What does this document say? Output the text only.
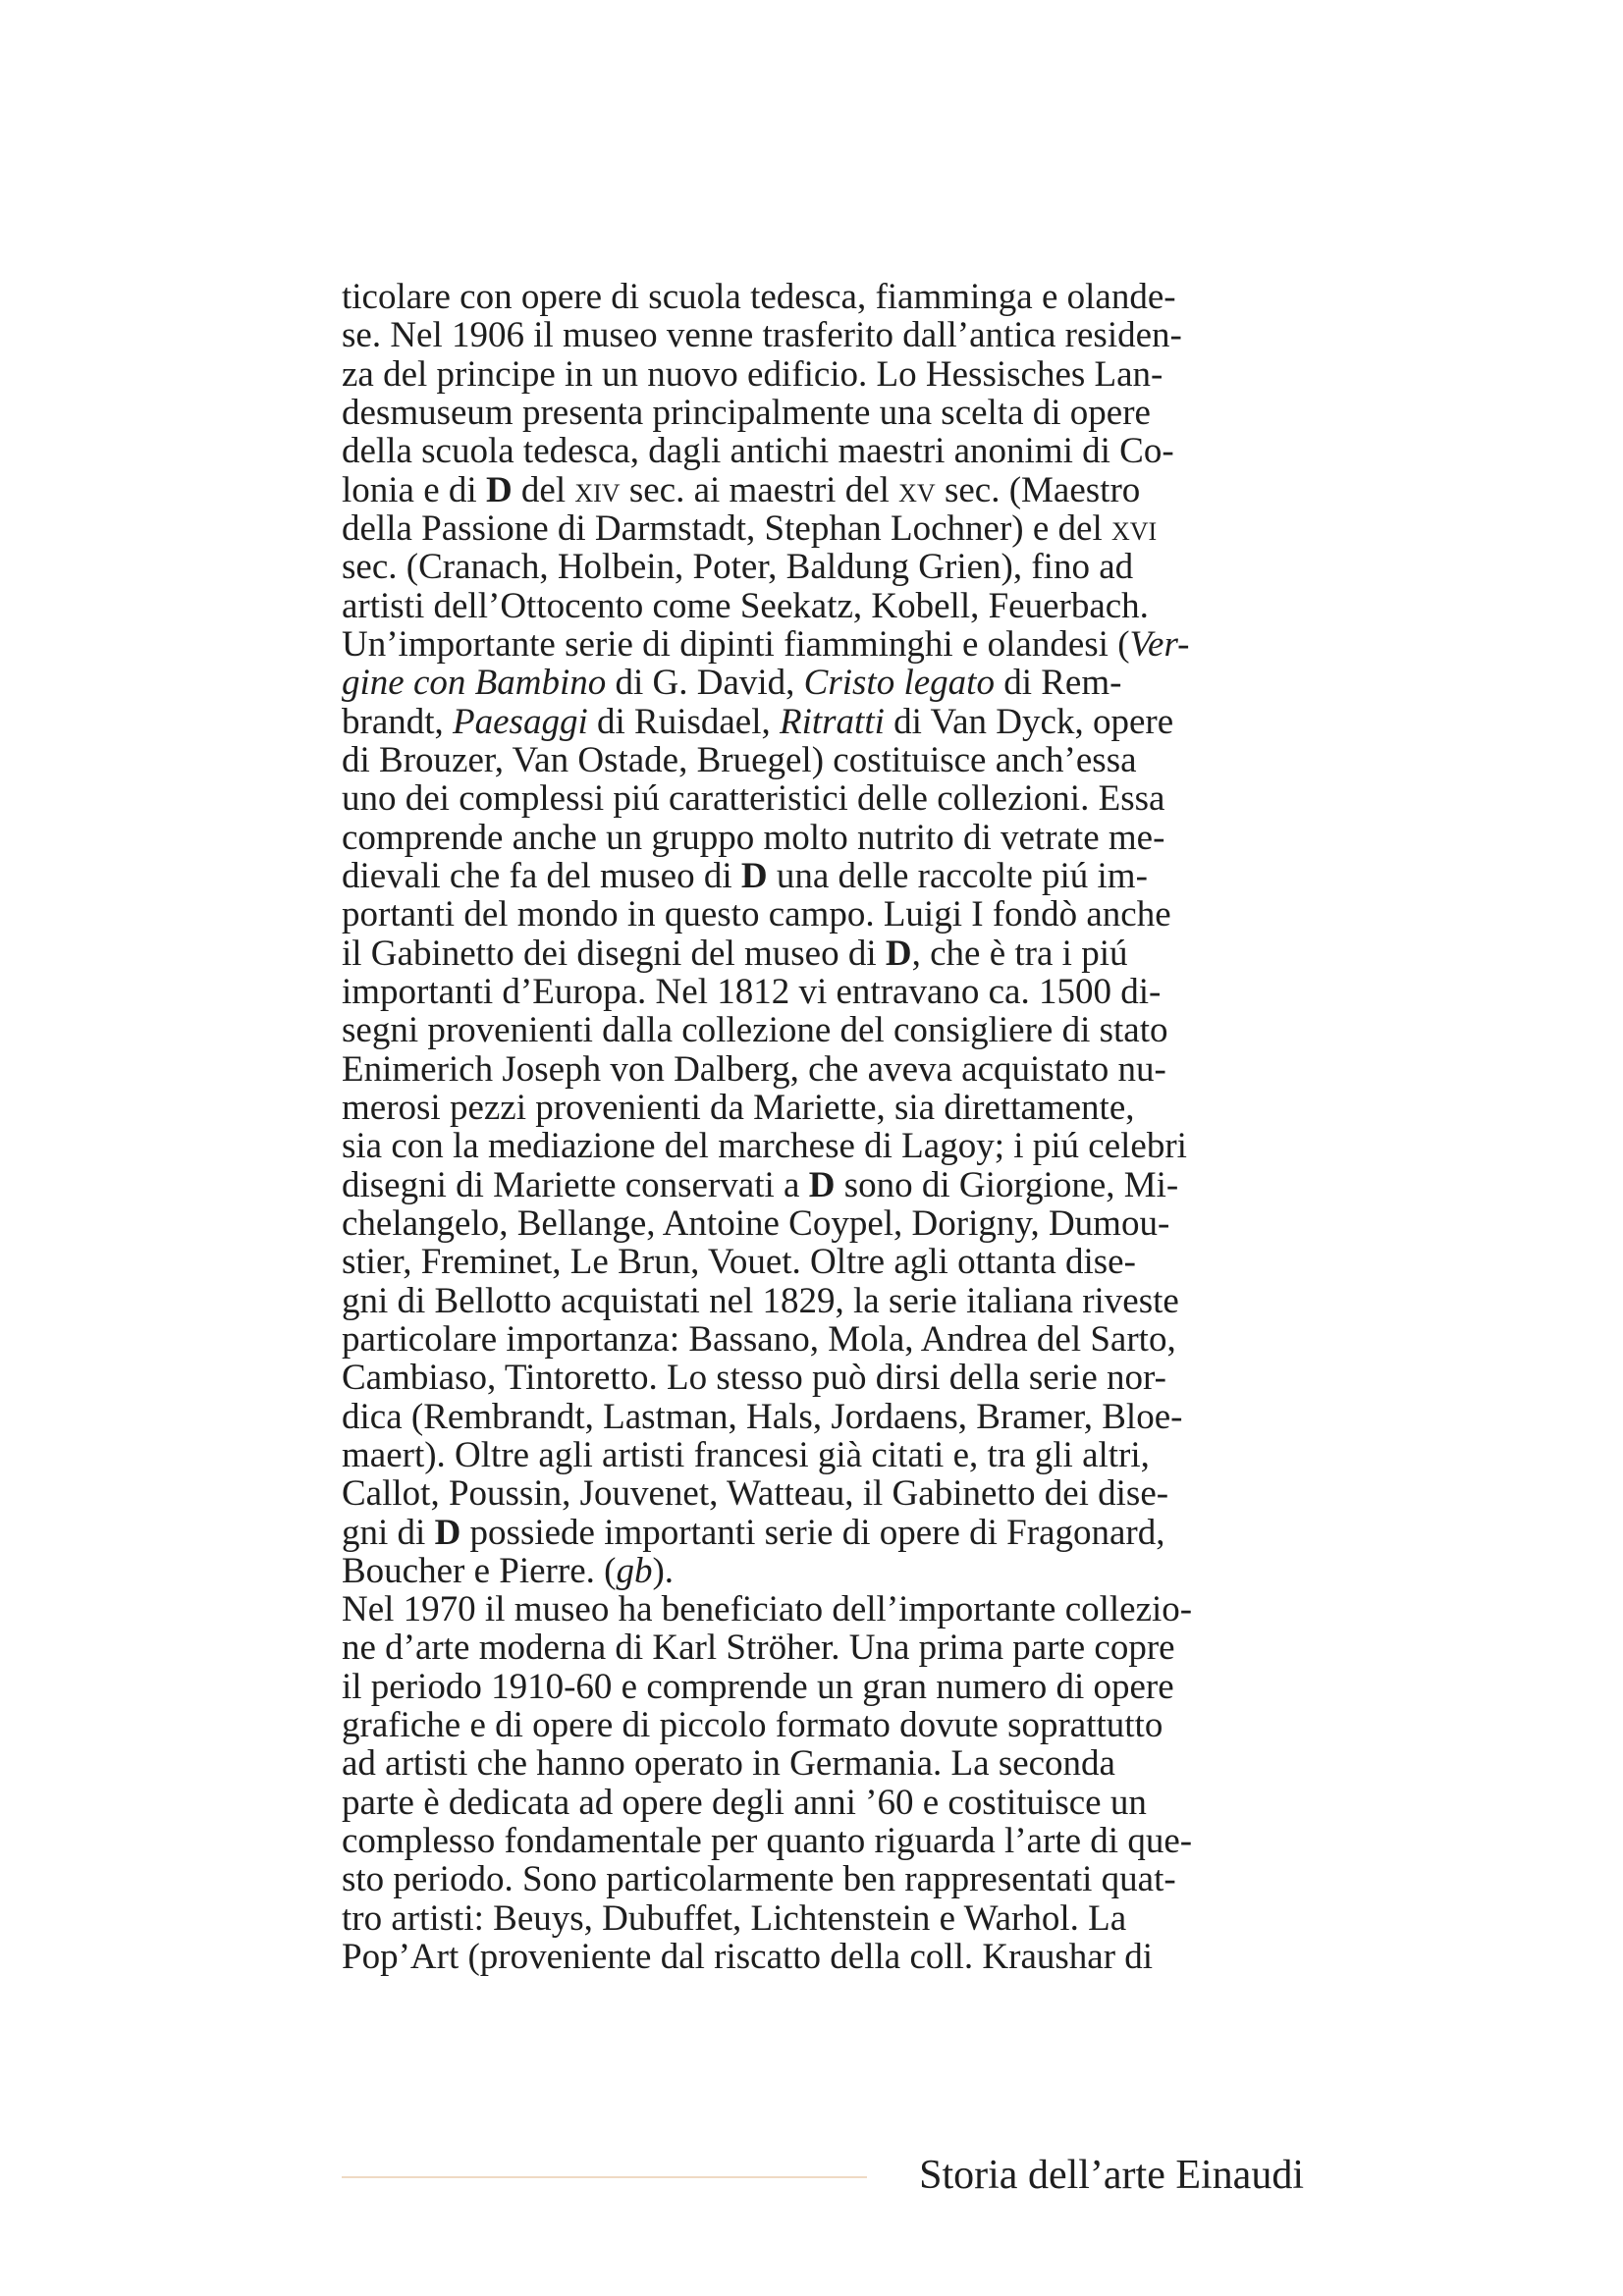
ticolare con opere di scuola tedesca, fiamminga e olande-
se. Nel 1906 il museo venne trasferito dall’antica residen-
za del principe in un nuovo edificio. Lo Hessisches Lan-
desmuseum presenta principalmente una scelta di opere
della scuola tedesca, dagli antichi maestri anonimi di Co-
lonia e di D del xiv sec. ai maestri del xv sec. (Maestro
della Passione di Darmstadt, Stephan Lochner) e del xvi
sec. (Cranach, Holbein, Poter, Baldung Grien), fino ad
artisti dell’Ottocento come Seekatz, Kobell, Feuerbach.
Un’importante serie di dipinti fiamminghi e olandesi (Ver-
gine con Bambino di G. David, Cristo legato di Rem-
brandt, Paesaggi di Ruisdael, Ritratti di Van Dyck, opere
di Brouzer, Van Ostade, Bruegel) costituisce anch’essa
uno dei complessi piú caratteristici delle collezioni. Essa
comprende anche un gruppo molto nutrito di vetrate me-
dievali che fa del museo di D una delle raccolte piú im-
portanti del mondo in questo campo. Luigi I fondò anche
il Gabinetto dei disegni del museo di D, che è tra i piú
importanti d’Europa. Nel 1812 vi entravano ca. 1500 di-
segni provenienti dalla collezione del consigliere di stato
Enimerich Joseph von Dalberg, che aveva acquistato nu-
merosi pezzi provenienti da Mariette, sia direttamente,
sia con la mediazione del marchese di Lagoy; i piú celebri
disegni di Mariette conservati a D sono di Giorgione, Mi-
chelangelo, Bellange, Antoine Coypel, Dorigny, Dumou-
stier, Freminet, Le Brun, Vouet. Oltre agli ottanta dise-
gni di Bellotto acquistati nel 1829, la serie italiana riveste
particolare importanza: Bassano, Mola, Andrea del Sarto,
Cambiaso, Tintoretto. Lo stesso può dirsi della serie nor-
dica (Rembrandt, Lastman, Hals, Jordaens, Bramer, Bloe-
maert). Oltre agli artisti francesi già citati e, tra gli altri,
Callot, Poussin, Jouvenet, Watteau, il Gabinetto dei dise-
gni di D possiede importanti serie di opere di Fragonard,
Boucher e Pierre. (gb).
Nel 1970 il museo ha beneficiato dell’importante collezio-
ne d’arte moderna di Karl Ströher. Una prima parte copre
il periodo 1910-60 e comprende un gran numero di opere
grafiche e di opere di piccolo formato dovute soprattutto
ad artisti che hanno operato in Germania. La seconda
parte è dedicata ad opere degli anni ’60 e costituisce un
complesso fondamentale per quanto riguarda l’arte di que-
sto periodo. Sono particolarmente ben rappresentati quat-
tro artisti: Beuys, Dubuffet, Lichtenstein e Warhol. La
Pop’Art (proveniente dal riscatto della coll. Kraushar di
Storia dell’arte Einaudi
